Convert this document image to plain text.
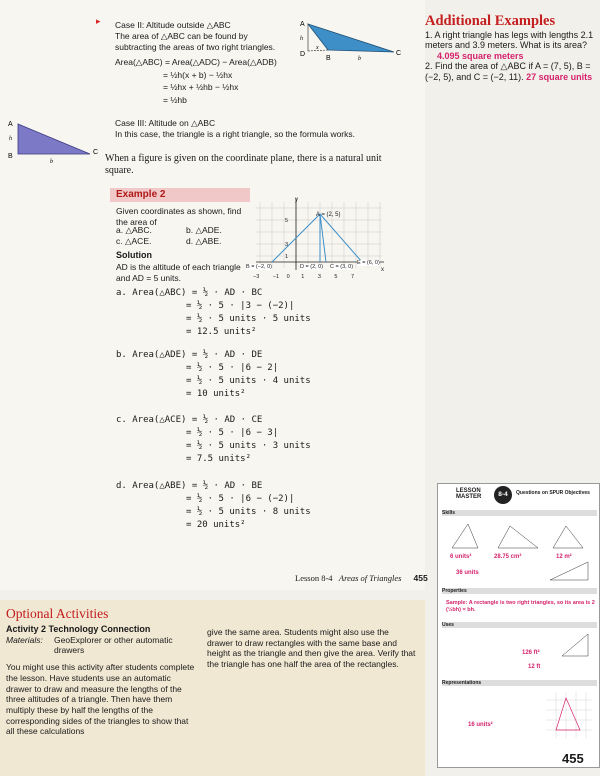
▸ Case II: Altitude outside △ABC
The area of △ABC can be found by
subtracting the areas of two right triangles.
Area(△ABC) = Area(△ADC) − Area(△ADB)
= ½h(x + b) − ½hx
= ½hx + ½hb − ½hx
= ½hb
A
h
D
x
B	b
C
A
h
B
b
C
Case III: Altitude on △ABC
In this case, the triangle is a right triangle, so the formula works.
When a figure is given on the coordinate plane, there is a natural unit square.
Example 2
Given coordinates as shown, find the area of
a. △ABC.	b. △ADE.
c. △ACE.	d. △ABE.
Solution
AD is the altitude of each triangle and AD = 5 units.
y
A = (2, 5)
B = (−2, 0)	D = (2, 0) C = (3, 0)
E = (6, 0)
5
3
1
−3 −1 0 1 3 5 7
x
a. Area(△ABC) = ½ · AD · BC
= ½ · 5 · |3 − (−2)|
= ½ · 5 units · 5 units
= 12.5 units²
b. Area(△ADE) = ½ · AD · DE
= ½ · 5 · |6 − 2|
= ½ · 5 units · 4 units
= 10 units²
c. Area(△ACE) = ½ · AD · CE
= ½ · 5 · |6 − 3|
= ½ · 5 units · 3 units
= 7.5 units²
d. Area(△ABE) = ½ · AD · BE
= ½ · 5 · |6 − (−2)|
= ½ · 5 units · 8 units
= 20 units²
Lesson 8-4 Areas of Triangles 455
Additional Examples
1. A right triangle has legs with lengths 2.1 meters and 3.9 meters. What is its area?
4.095 square meters
2. Find the area of △ABC if A = (7, 5), B = (−2, 5), and C = (−2, 11). 27 square units
LESSON MASTER	8-4	Questions on SPUR Objectives
Skills
6 units²	28.75 cm²	12 m²
36 units
Properties
Sample: A rectangle is two right triangles, so its area is 2 (½bh) = bh.
Uses
126 ft²
12 ft
Representations
16 units²
Optional Activities
Activity 2 Technology Connection
Materials:	GeoExplorer or other automatic drawers
You might use this activity after students complete the lesson. Have students use an automatic drawer to draw and measure the lengths of the three altitudes of a triangle. Then have them multiply these by half the lengths of the corresponding sides of the triangles to show that all these calculations
give the same area. Students might also use the drawer to draw rectangles with the same base and height as the triangle and then give the area. Verify that the triangle has one half the area of the rectangles.
455
